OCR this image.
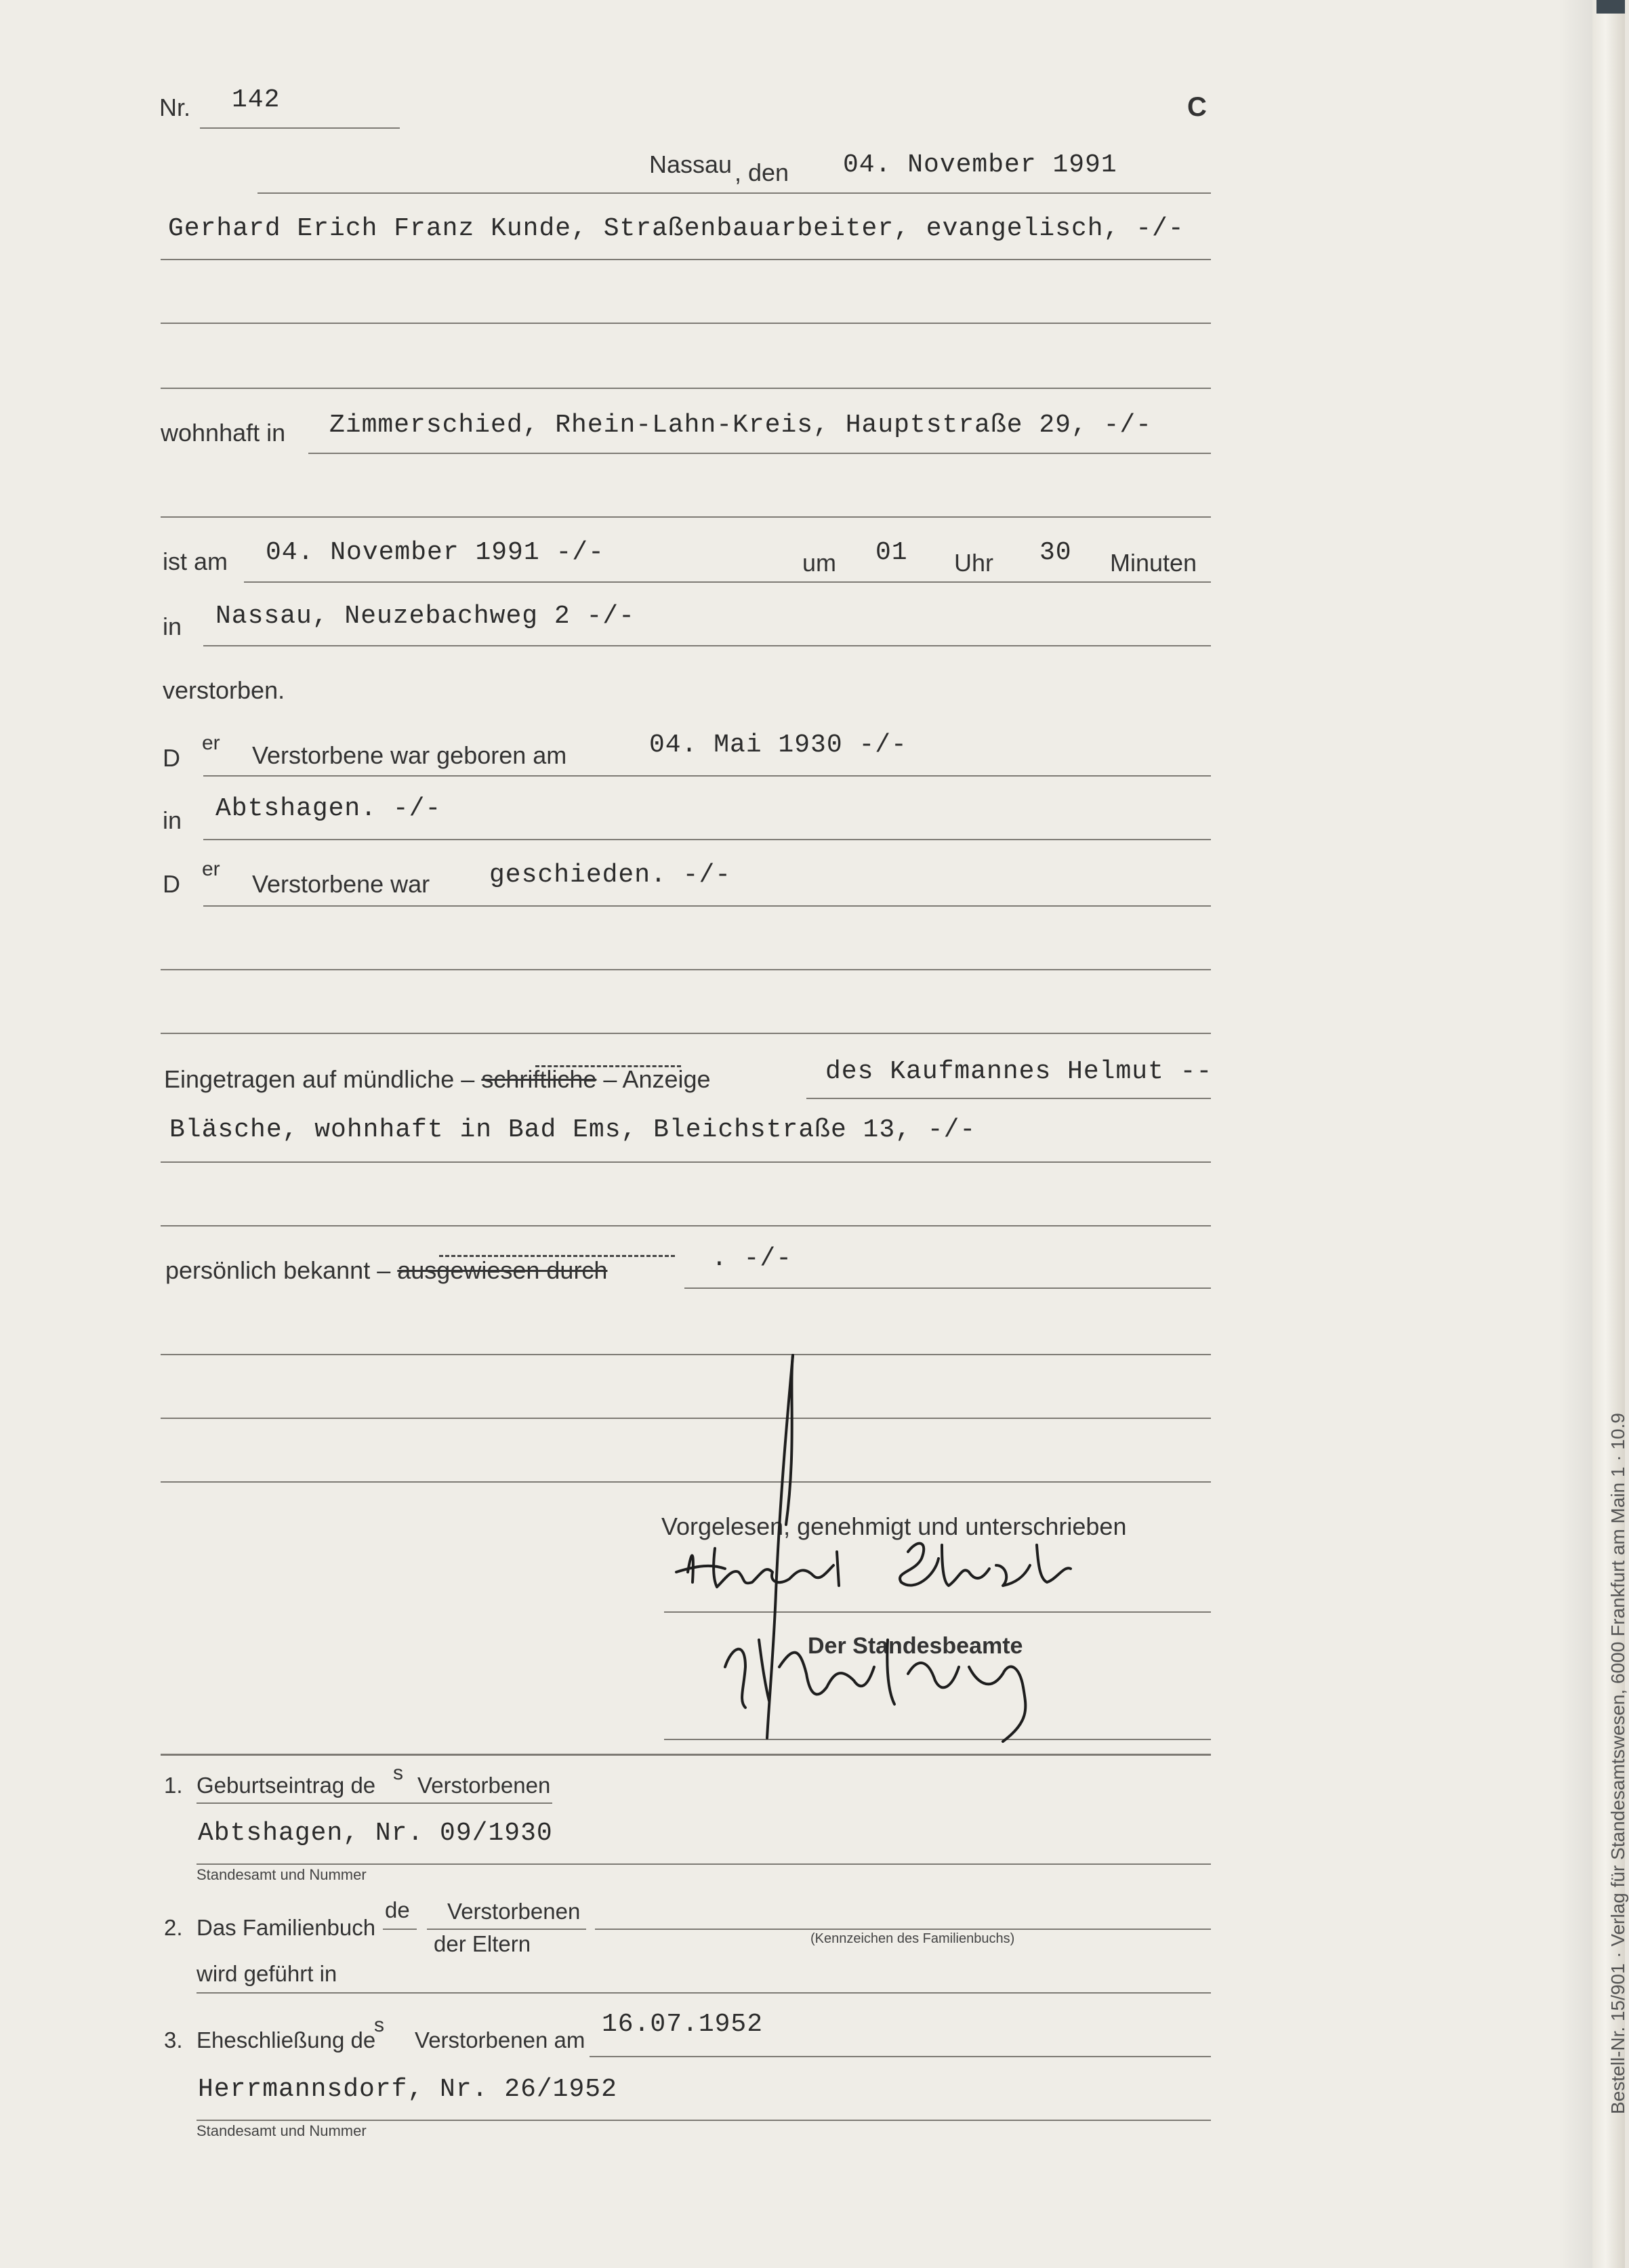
Nr. 142	C
Nassau , den 04. November 1991
Gerhard Erich Franz Kunde, Straßenbauarbeiter, evangelisch, -/-
wohnhaft in Zimmerschied, Rhein-Lahn-Kreis, Hauptstraße 29, -/-
ist am 04. November 1991 -/-	um 01 Uhr 30 Minuten
in Nassau, Neuzebachweg 2 -/-
verstorben.
D
er Verstorbene war geboren am	04. Mai 1930 -/-
in Abtshagen. -/-
D
er
Verstorbene war geschieden. -/-
Eingetragen auf mündliche – schriftliche – Anzeige	des Kaufmannes Helmut --
Bläsche, wohnhaft in Bad Ems, Bleichstraße 13, -/-
persönlich bekannt – ausgewiesen durch	. -/-
Vorgelesen, genehmigt und unterschrieben
Der Standesbeamte
1. Geburtseintrag de s Verstorbenen
Abtshagen, Nr. 09/1930
Standesamt und Nummer
2. Das Familienbuch
de Verstorbenen
der Eltern	(Kennzeichen des Familienbuchs)
wird geführt in
3. Eheschließung de
s
Verstorbenen am
16.07.1952
Herrmannsdorf, Nr. 26/1952
Standesamt und Nummer
Bestell-Nr. 15/901 · Verlag für Standesamtswesen, 6000 Frankfurt am Main 1 · 10.9
